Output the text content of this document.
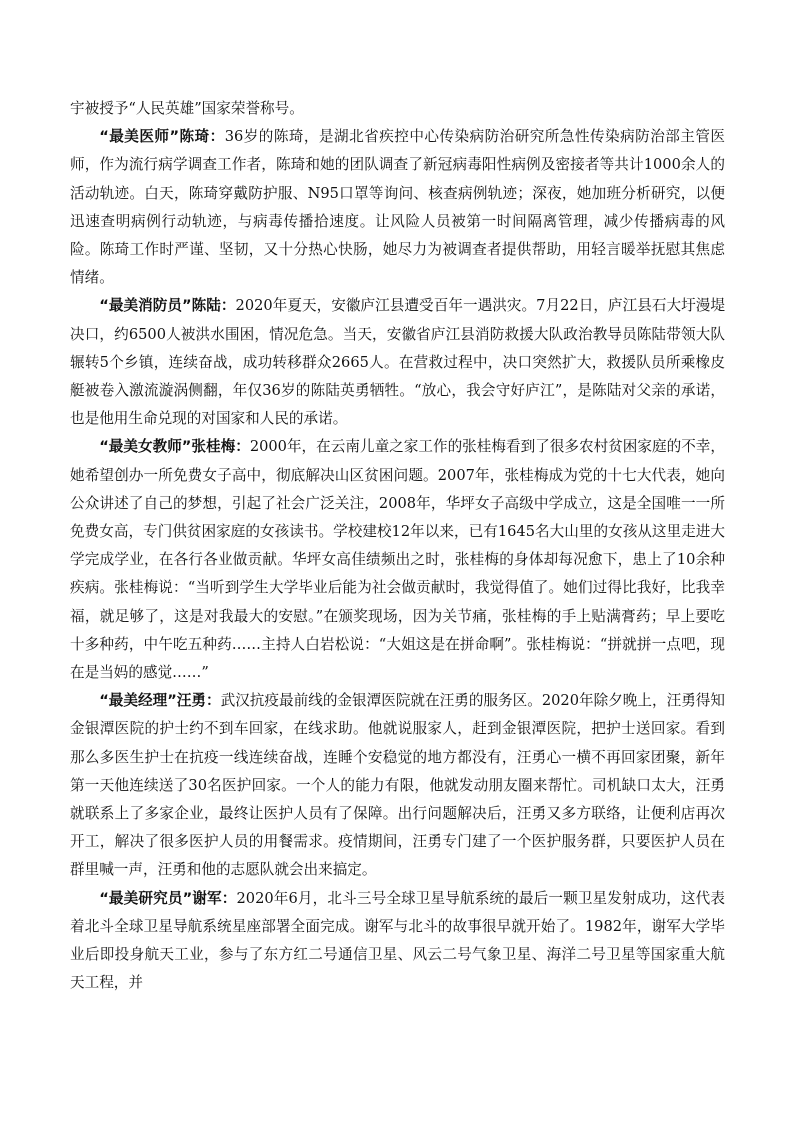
宇被授予“人民英雄”国家荣誉称号。

“最美医师”陈琦：36岁的陈琦，是湖北省疾控中心传染病防治研究所急性传染病防治部主管医师，作为流行病学调查工作者，陈琦和她的团队调查了新冠病毒阳性病例及密接者等共计1000余人的活动轨迹。白天，陈琦穿戴防护服、N95口罩等询问、核查病例轨迹；深夜，她加班分析研究，以便迅速查明病例行动轨迹，与病毒传播拾速度。让风险人员被第一时间隔离管理，减少传播病毒的风险。陈琦工作时严谨、坚韧，又十分热心快肠，她尽力为被调查者提供帮助，用轻言暖举抚慰其焦虑情绪。

“最美消防员”陈陆：2020年夏天，安徽庐江县遭受百年一遇洪灾。7月22日，庐江县石大圩漫堤决口，约6500人被洪水围困，情况危急。当天，安徽省庐江县消防救援大队政治教导员陈陆带领大队辗转5个乡镇，连续奋战，成功转移群众2665人。在营救过程中，决口突然扩大，救援队员所乘橡皮艇被卷入激流漩涡侧翻，年仅36岁的陈陆英勇牺牲。“放心，我会守好庐江”，是陈陆对父亲的承诺，也是他用生命兑现的对国家和人民的承诺。

“最美女教师”张桂梅：2000年，在云南儿童之家工作的张桂梅看到了很多农村贫困家庭的不幸，她希望创办一所免费女子高中，彻底解决山区贫困问题。2007年，张桂梅成为党的十七大代表，她向公众讲述了自己的梦想，引起了社会广泛关注，2008年，华坪女子高级中学成立，这是全国唯一一所免费女高，专门供贫困家庭的女孩读书。学校建校12年以来，已有1645名大山里的女孩从这里走进大学完成学业，在各行各业做贡献。华坪女高佳绩频出之时，张桂梅的身体却每况愈下，患上了10余种疾病。张桂梅说：“当听到学生大学毕业后能为社会做贡献时，我觉得值了。她们过得比我好，比我幸福，就足够了，这是对我最大的安慰。”在颁奖现场，因为关节痛，张桂梅的手上贴满膏药；早上要吃十多种药，中午吃五种药……主持人白岩松说：“大姐这是在拼命啊”。张桂梅说：“拼就拼一点吧，现在是当妈的感觉……”

“最美经理”汪勇：武汉抗疫最前线的金银潭医院就在汪勇的服务区。2020年除夕晚上，汪勇得知金银潭医院的护士约不到车回家，在线求助。他就说服家人，赶到金银潭医院，把护士送回家。看到那么多医生护士在抗疫一线连续奋战，连睡个安稳觉的地方都没有，汪勇心一横不再回家团聚，新年第一天他连续送了30名医护回家。一个人的能力有限，他就发动朋友圈来帮忙。司机缺口太大，汪勇就联系上了多家企业，最终让医护人员有了保障。出行问题解决后，汪勇又多方联络，让便利店再次开工，解决了很多医护人员的用餐需求。疫情期间，汪勇专门建了一个医护服务群，只要医护人员在群里喊一声，汪勇和他的志愿队就会出来搞定。

“最美研究员”谢军：2020年6月，北斗三号全球卫星导航系统的最后一颗卫星发射成功，这代表着北斗全球卫星导航系统星座部署全面完成。谢军与北斗的故事很早就开始了。1982年，谢军大学毕业后即投身航天工业，参与了东方红二号通信卫星、风云二号气象卫星、海洋二号卫星等国家重大航天工程，并
